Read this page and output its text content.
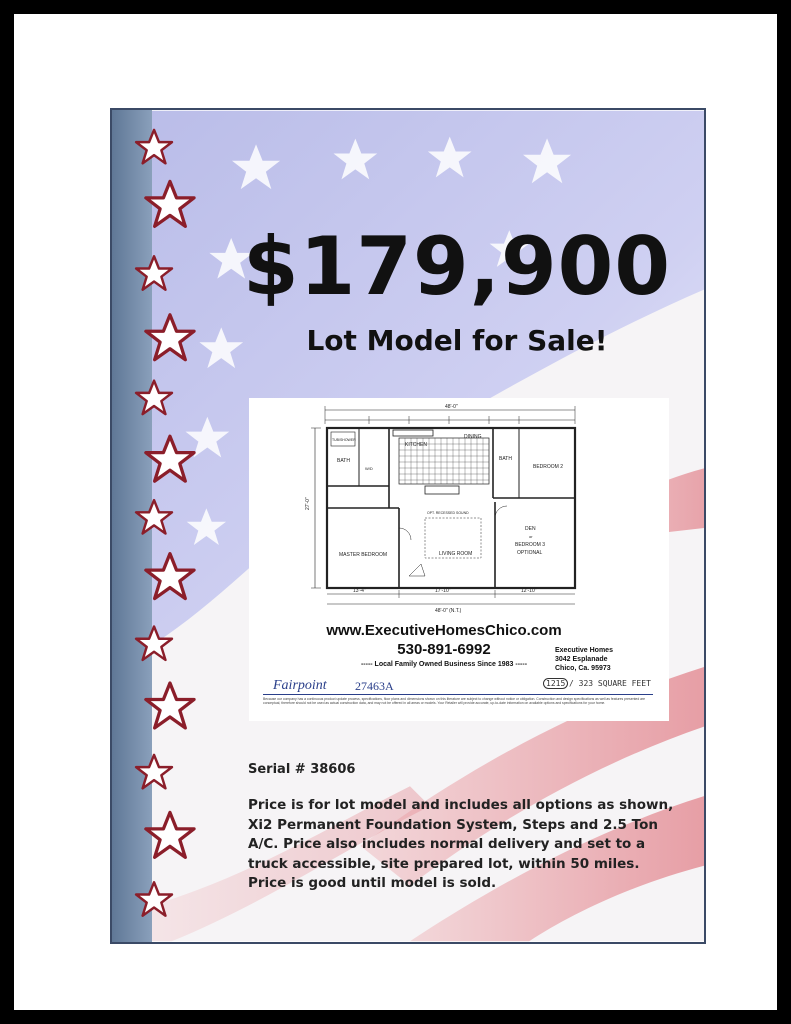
$179,900
Lot Model for Sale!
48'-0"
27'-0"
TUB/SHOWER
BATH
W/D
KITCHEN
DINING
BATH
BEDROOM 2
OPT. RECESSED SOUND
MASTER BEDROOM	LIVING ROOM
DEN
or
BEDROOM 3
OPTIONAL
13'-4"	17'-10"	12'-10"
48'-0" (N.T.)
www.ExecutiveHomesChico.com
530-891-6992
----- Local Family Owned Business Since 1983 -----
Executive Homes
3042 Esplanade
Chico, Ca. 95973
Fairpoint 27463A	1215 / 323 SQUARE FEET
Because our company has a continuous product update process, specifications, floor plans and dimensions shown on this literature are subject to change without notice or obligation. Construction and design specifications as well as features presented are conceptual, therefore should not be used as actual construction data, and may not be offered in all areas or models. Your Retailer will provide accurate, up-to-date information on available options and specifications for your home.
Serial # 38606
Price is for lot model and includes all options as shown, Xi2 Permanent Foundation System, Steps and 2.5 Ton A/C. Price also includes normal delivery and set to a truck accessible, site prepared lot, within 50 miles. Price is good until model is sold.
